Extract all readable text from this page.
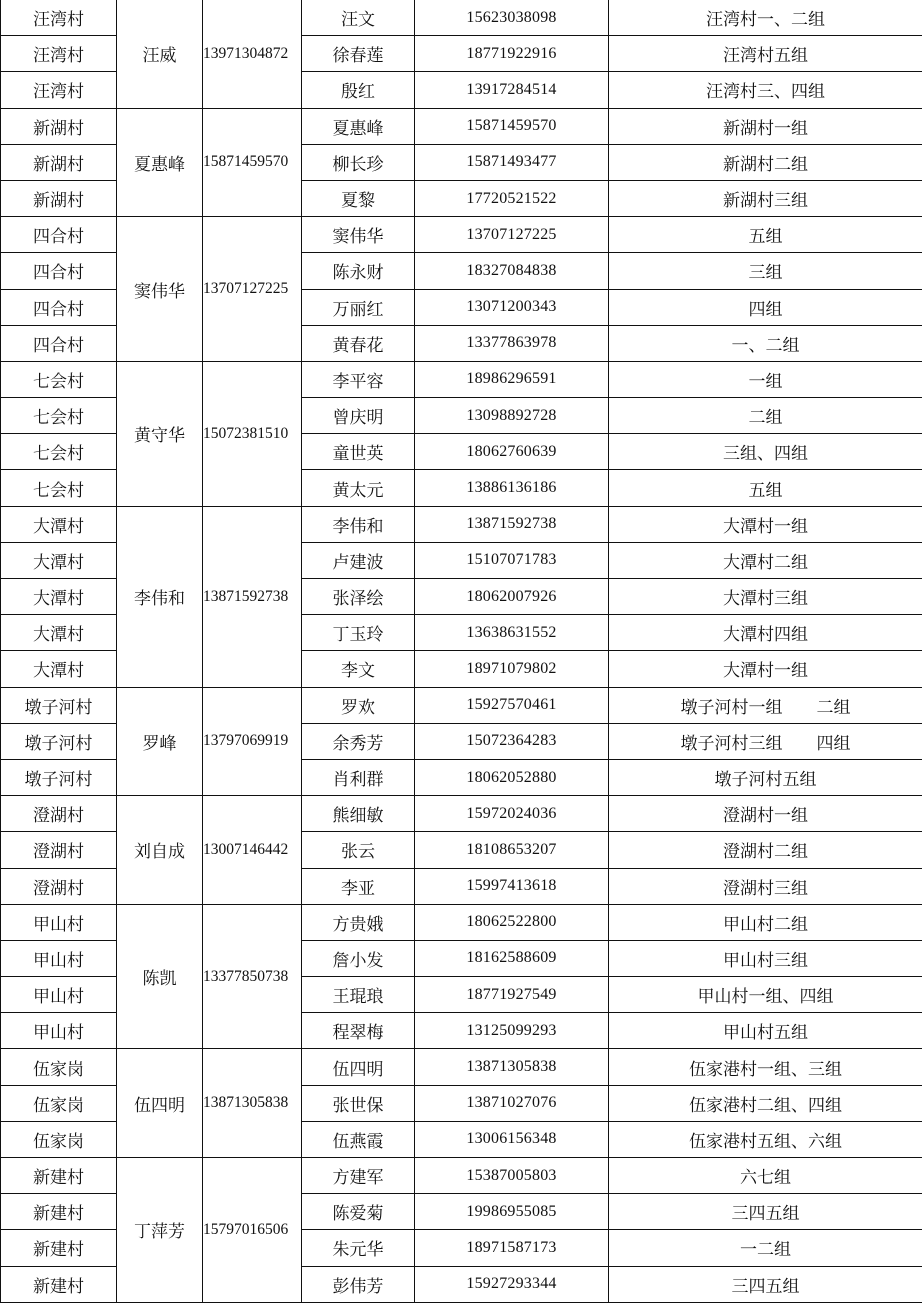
汪湾村	汪威	13971304872	汪文	15623038098	汪湾村一、二组
汪湾村			徐春莲	18771922916	汪湾村五组
汪湾村			殷红	13917284514	汪湾村三、四组
新湖村	夏惠峰	15871459570	夏惠峰	15871459570	新湖村一组
新湖村			柳长珍	15871493477	新湖村二组
新湖村			夏黎	17720521522	新湖村三组
四合村	窦伟华	13707127225	窦伟华	13707127225	五组
四合村			陈永财	18327084838	三组
四合村			万丽红	13071200343	四组
四合村			黄春花	13377863978	一、二组
七会村	黄守华	15072381510	李平容	18986296591	一组
七会村			曾庆明	13098892728	二组
七会村			童世英	18062760639	三组、四组
七会村			黄太元	13886136186	五组
大潭村	李伟和	13871592738	李伟和	13871592738	大潭村一组
大潭村			卢建波	15107071783	大潭村二组
大潭村			张泽绘	18062007926	大潭村三组
大潭村			丁玉玲	13638631552	大潭村四组
大潭村			李文	18971079802	大潭村一组
墩子河村	罗峰	13797069919	罗欢	15927570461	墩子河村一组　　二组
墩子河村			余秀芳	15072364283	墩子河村三组　　四组
墩子河村			肖利群	18062052880	墩子河村五组
澄湖村	刘自成	13007146442	熊细敏	15972024036	澄湖村一组
澄湖村			张云	18108653207	澄湖村二组
澄湖村			李亚	15997413618	澄湖村三组
甲山村	陈凯	13377850738	方贵娥	18062522800	甲山村二组
甲山村			詹小发	18162588609	甲山村三组
甲山村			王琨琅	18771927549	甲山村一组、四组
甲山村			程翠梅	13125099293	甲山村五组
伍家岗	伍四明	13871305838	伍四明	13871305838	伍家港村一组、三组
伍家岗			张世保	13871027076	伍家港村二组、四组
伍家岗			伍燕霞	13006156348	伍家港村五组、六组
新建村	丁萍芳	15797016506	方建军	15387005803	六七组
新建村			陈爱菊	19986955085	三四五组
新建村			朱元华	18971587173	一二组
新建村			彭伟芳	15927293344	三四五组
